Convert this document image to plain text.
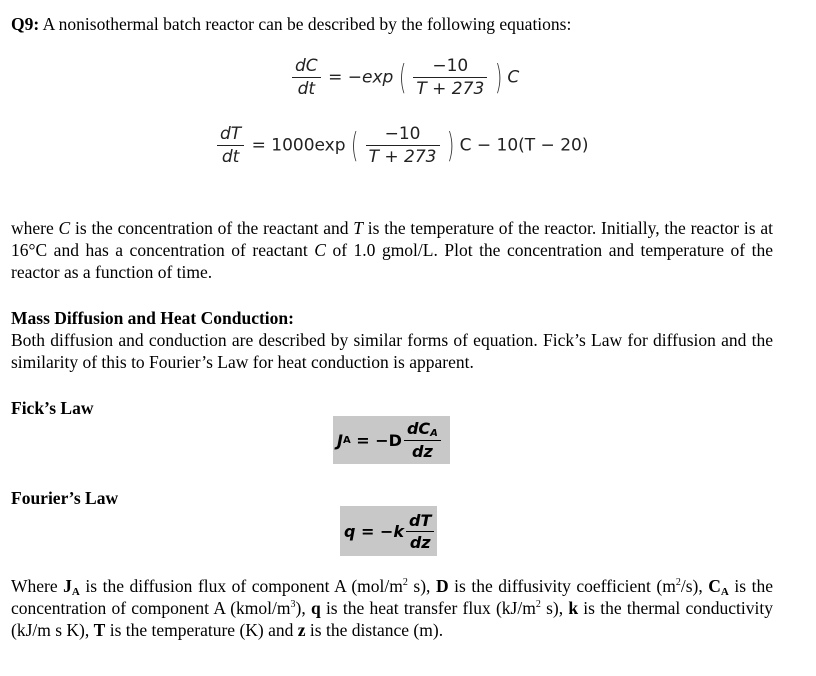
Q9: A nonisothermal batch reactor can be described by the following equations:
$\frac{dC}{dt} = -\exp$ ( $\frac{-10}{T + 273}$ ) C
$\frac{dT}{dt} = 1000\exp$ ( $\frac{-10}{T + 273}$ ) C − 10(T − 20)
where C is the concentration of the reactant and T is the temperature of the reactor. Initially, the reactor is at 16°C and has a concentration of reactant C of 1.0 gmol/L. Plot the concentration and temperature of the reactor as a function of time.
Mass Diffusion and Heat Conduction:
Both diffusion and conduction are described by similar forms of equation. Fick’s Law for diffusion and the similarity of this to Fourier’s Law for heat conduction is apparent.
Fick’s Law
J $A = -D \frac{dC_A}{dz}$
Fourier’s Law
$q = -k \frac{dT}{dz}$
Where JA is the diffusion flux of component A ($mol/m^2$ s), D is the diffusivity coefficient $(m^2/s)$, CA is the concentration of component A $(kmol/m^3)$, q is the heat transfer flux ($kJ/m^2$ s), k is the thermal conductivity (kJ/m s K), T is the temperature (K) and z is the distance (m).
